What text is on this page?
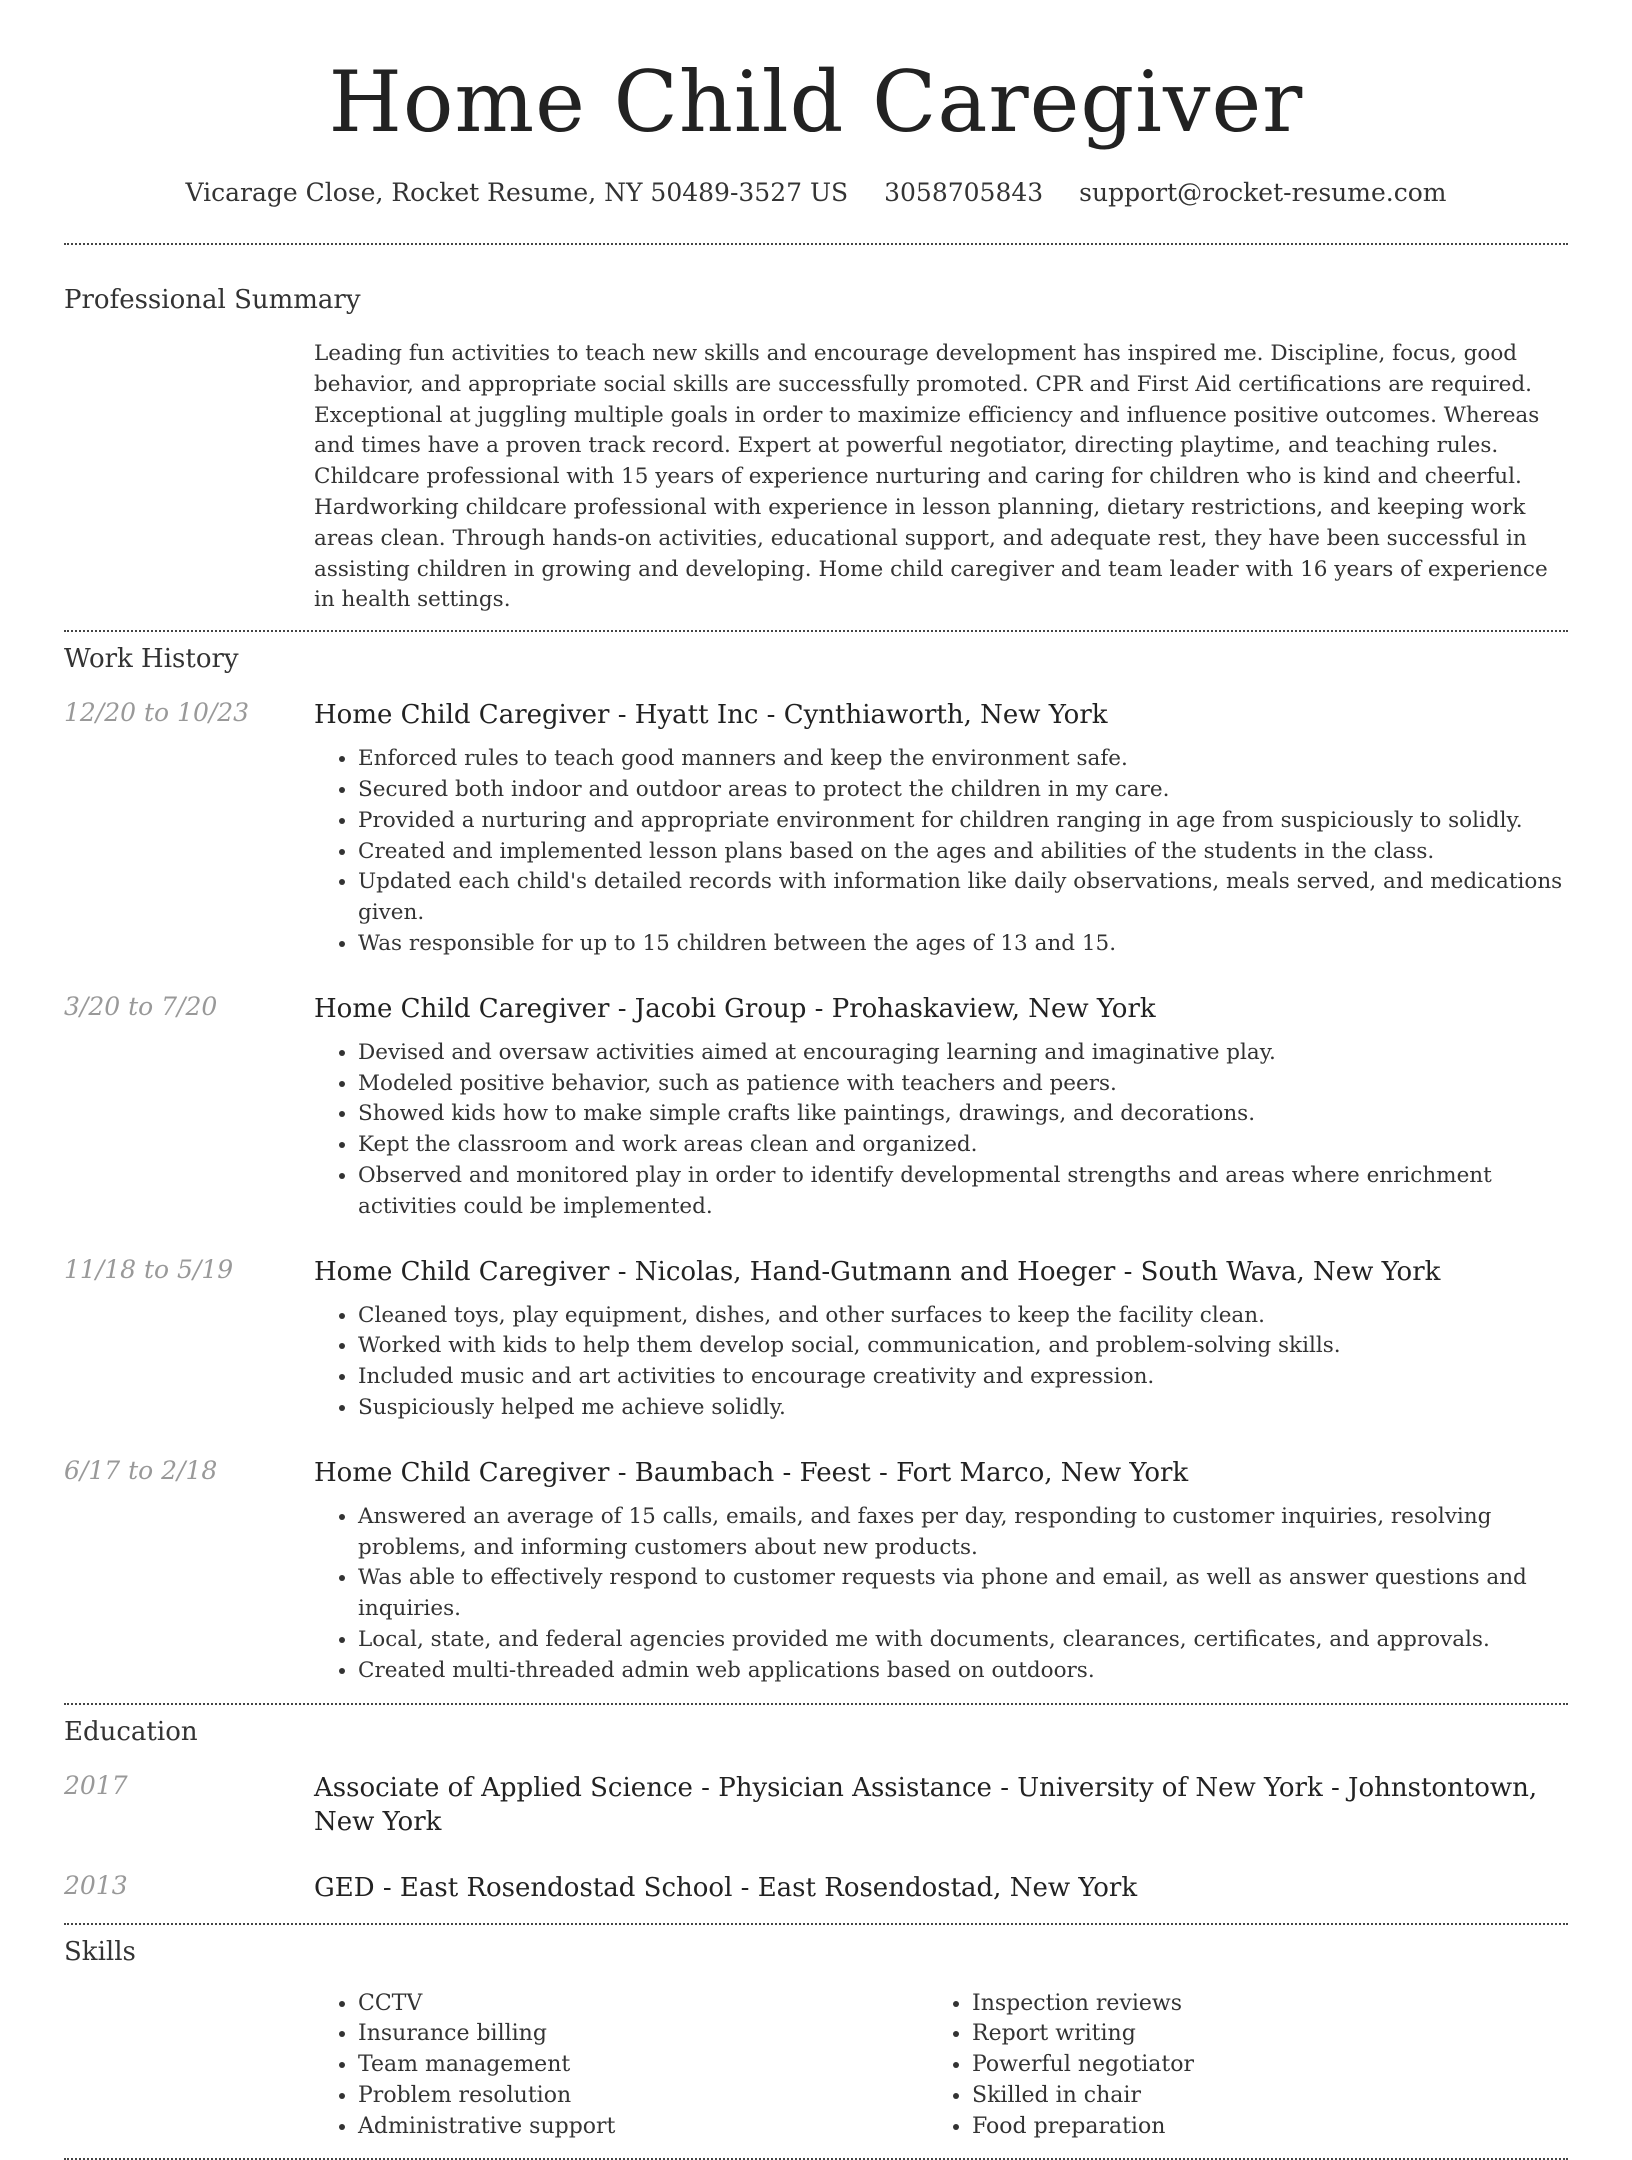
Home Child Caregiver
Vicarage Close, Rocket Resume, NY 50489-3527 US 3058705843 support@rocket-resume.com
Professional Summary

Leading fun activities to teach new skills and encourage development has inspired me. Discipline, focus, good behavior, and appropriate social skills are successfully promoted. CPR and First Aid certifications are required. Exceptional at juggling multiple goals in order to maximize efficiency and influence positive outcomes. Whereas and times have a proven track record. Expert at powerful negotiator, directing playtime, and teaching rules. Childcare professional with 15 years of experience nurturing and caring for children who is kind and cheerful. Hardworking childcare professional with experience in lesson planning, dietary restrictions, and keeping work areas clean. Through hands-on activities, educational support, and adequate rest, they have been successful in assisting children in growing and developing. Home child caregiver and team leader with 16 years of experience in health settings.

Work History
12/20 to 10/23	Home Child Caregiver - Hyatt Inc - Cynthiaworth, New York
• Enforced rules to teach good manners and keep the environment safe.
• Secured both indoor and outdoor areas to protect the children in my care.
• Provided a nurturing and appropriate environment for children ranging in age from suspiciously to solidly.
• Created and implemented lesson plans based on the ages and abilities of the students in the class.
• Updated each child's detailed records with information like daily observations, meals served, and medications given.
• Was responsible for up to 15 children between the ages of 13 and 15.
3/20 to 7/20	Home Child Caregiver - Jacobi Group - Prohaskaview, New York
• Devised and oversaw activities aimed at encouraging learning and imaginative play.
• Modeled positive behavior, such as patience with teachers and peers.
• Showed kids how to make simple crafts like paintings, drawings, and decorations.
• Kept the classroom and work areas clean and organized.
• Observed and monitored play in order to identify developmental strengths and areas where enrichment activities could be implemented.
11/18 to 5/19	Home Child Caregiver - Nicolas, Hand-Gutmann and Hoeger - South Wava, New York
• Cleaned toys, play equipment, dishes, and other surfaces to keep the facility clean.
• Worked with kids to help them develop social, communication, and problem-solving skills.
• Included music and art activities to encourage creativity and expression.
• Suspiciously helped me achieve solidly.
6/17 to 2/18	Home Child Caregiver - Baumbach - Feest - Fort Marco, New York
• Answered an average of 15 calls, emails, and faxes per day, responding to customer inquiries, resolving problems, and informing customers about new products.
• Was able to effectively respond to customer requests via phone and email, as well as answer questions and inquiries.
• Local, state, and federal agencies provided me with documents, clearances, certificates, and approvals.
• Created multi-threaded admin web applications based on outdoors.
Education
2017	Associate of Applied Science - Physician Assistance - University of New York - Johnstontown, New York
2013	GED - East Rosendostad School - East Rosendostad, New York
Skills
• CCTV
• Insurance billing
• Team management
• Problem resolution
• Administrative support
• Inspection reviews
• Report writing
• Powerful negotiator
• Skilled in chair
• Food preparation
